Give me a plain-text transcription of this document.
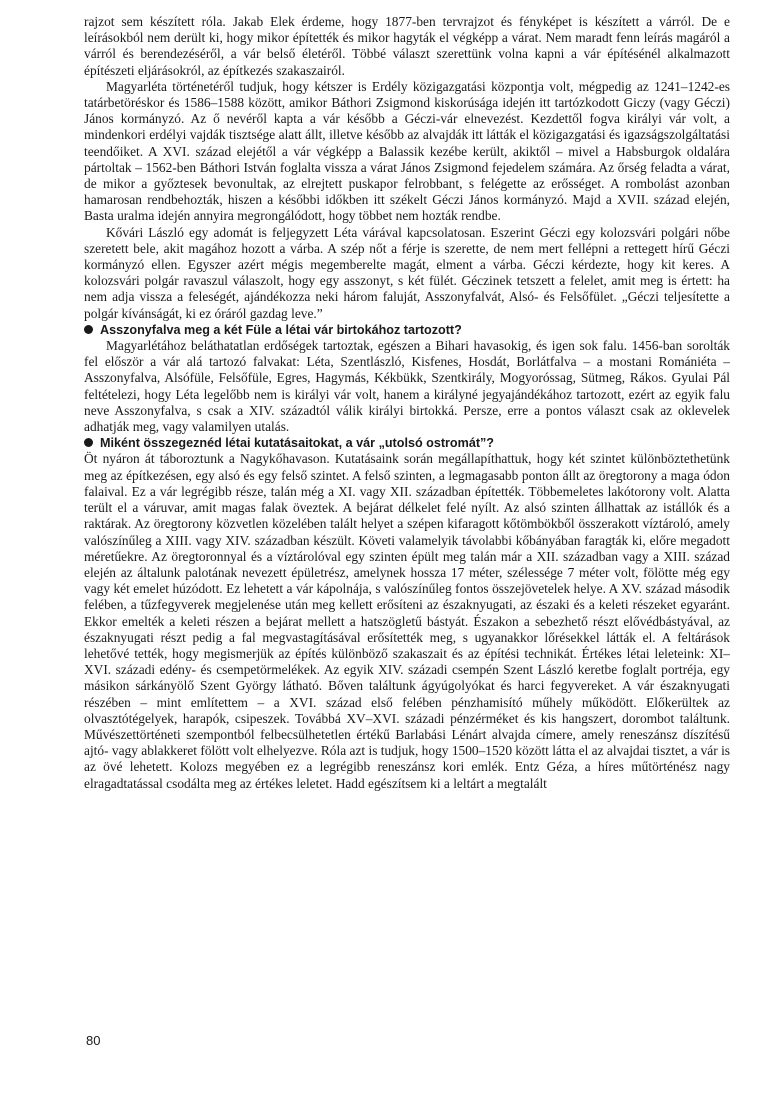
rajzot sem készített róla. Jakab Elek érdeme, hogy 1877-ben tervrajzot és fényképet is készített a várról. De e leírásokból nem derült ki, hogy mikor építették és mikor hagyták el végképp a várat. Nem maradt fenn leírás magáról a várról és berendezéséről, a vár belső életéről. Többé választ szerettünk volna kapni a vár építésénél alkalmazott építészeti eljárásokról, az építkezés szakaszairól.

Magyarléta történetéről tudjuk, hogy kétszer is Erdély közigazgatási központja volt, mégpedig az 1241–1242-es tatárbetöréskor és 1586–1588 között, amikor Báthori Zsigmond kiskorúsága idején itt tartózkodott Giczy (vagy Géczi) János kormányzó. Az ő nevéről kapta a vár később a Géczi-vár elnevezést. Kezdettől fogva királyi vár volt, a mindenkori erdélyi vajdák tisztsége alatt állt, illetve később az alvajdák itt látták el közigazgatási és igazságszolgáltatási teendőiket. A XVI. század elejétől a vár végképp a Balassik kezébe került, akiktől – mivel a Habsburgok oldalára pártoltak – 1562-ben Báthori István foglalta vissza a várat János Zsigmond fejedelem számára. Az őrség feladta a várat, de mikor a győztesek bevonultak, az elrejtett puskapor felrobbant, s felégette az erősséget. A rombolást azonban hamarosan rendbehozták, hiszen a későbbi időkben itt székelt Géczi János kormányzó. Majd a XVII. század elején, Basta uralma idején annyira megrongálódott, hogy többet nem hozták rendbe.

Kővári László egy adomát is feljegyzett Léta várával kapcsolatosan. Eszerint Géczi egy kolozsvári polgári nőbe szeretett bele, akit magához hozott a várba. A szép nőt a férje is szerette, de nem mert fellépni a rettegett hírű Géczi kormányzó ellen. Egyszer azért mégis megemberelte magát, elment a várba. Géczi kérdezte, hogy kit keres. A kolozsvári polgár ravaszul válaszolt, hogy egy asszonyt, s két fülét. Géczinek tetszett a felelet, amit meg is értett: ha nem adja vissza a feleségét, ajándékozza neki három faluját, Asszonyfalvát, Alsó- és Felsőfület. „Géczi teljesítette a polgár kívánságát, ki ez óráról gazdag leve.”

Asszonyfalva meg a két Füle a létai vár birtokához tartozott?

Magyarlétához beláthatatlan erdőségek tartoztak, egészen a Bihari havasokig, és igen sok falu. 1456-ban sorolták fel először a vár alá tartozó falvakat: Léta, Szentlászló, Kisfenes, Hosdát, Borlátfalva – a mostani Romániéta – Asszonyfalva, Alsófüle, Felsőfüle, Egres, Hagymás, Kékbükk, Szentkirály, Mogyoróssag, Sütmeg, Rákos. Gyulai Pál feltételezi, hogy Léta legelőbb nem is királyi vár volt, hanem a királyné jegyajándékához tartozott, ezért az egyik falu neve Asszonyfalva, s csak a XIV. századtól válik királyi birtokká. Persze, erre a pontos választ csak az oklevelek adhatják meg, vagy valamilyen utalás.

Miként összegeznéd létai kutatásaitokat, a vár „utolsó ostromát”?

Öt nyáron át táboroztunk a Nagykőhavason. Kutatásaink során megállapíthattuk, hogy két szintet különböztethetünk meg az építkezésen, egy alsó és egy felső szintet. A felső szinten, a legmagasabb ponton állt az öregtorony a maga ódon falaival. Ez a vár legrégibb része, talán még a XI. vagy XII. században építették. Többemeletes lakótorony volt. Alatta terült el a váruvar, amit magas falak öveztek. A bejárat délkelet felé nyílt. Az alsó szinten állhattak az istállók és a raktárak. Az öregtorony közvetlen közelében talált helyet a szépen kifaragott kőtömbökből összerakott víztároló, amely valószínűleg a XIII. vagy XIV. században készült. Követi valamelyik távolabbi kőbányában faragták ki, előre megadott méretűekre. Az öregtoronnyal és a víztárolóval egy szinten épült meg talán már a XII. században vagy a XIII. század elején az általunk palotának nevezett épületrész, amelynek hossza 17 méter, szélessége 7 méter volt, fölötte még egy vagy két emelet húzódott. Ez lehetett a vár kápolnája, s valószínűleg fontos összejövetelek helye. A XV. század második felében, a tűzfegyverek megjelenése után meg kellett erősíteni az északnyugati, az északi és a keleti részeket egyaránt. Ekkor emelték a keleti részen a bejárat mellett a hatszögletű bástyát. Északon a sebezhető részt elővédbástyával, az északnyugati részt pedig a fal megvastagításával erősítették meg, s ugyanakkor lőrésekkel látták el. A feltárások lehetővé tették, hogy megismerjük az építés különböző szakaszait és az építési technikát. Értékes létai leleteink: XI–XVI. századi edény- és csempetörmelékek. Az egyik XIV. századi csempén Szent László keretbe foglalt portréja, egy másikon sárkányölő Szent György látható. Bőven találtunk ágyúgolyókat és harci fegyvereket. A vár északnyugati részében – mint említettem – a XVI. század első felében pénzhamisító műhely működött. Előkerültek az olvasztótégelyek, harapók, csipeszek. Továbbá XV–XVI. századi pénzérméket és kis hangszert, dorombot találtunk. Művészettörténeti szempontból felbecsülhetetlen értékű Barlabási Lénárt alvajda címere, amely reneszánsz díszítésű ajtó- vagy ablakkeret fölött volt elhelyezve. Róla azt is tudjuk, hogy 1500–1520 között látta el az alvajdai tisztet, a vár is az övé lehetett. Kolozs megyében ez a legrégibb reneszánsz kori emlék. Entz Géza, a híres műtörténész nagy elragadtatással csodálta meg az értékes leletet. Hadd egészítsem ki a leltárt a megtalált

80
